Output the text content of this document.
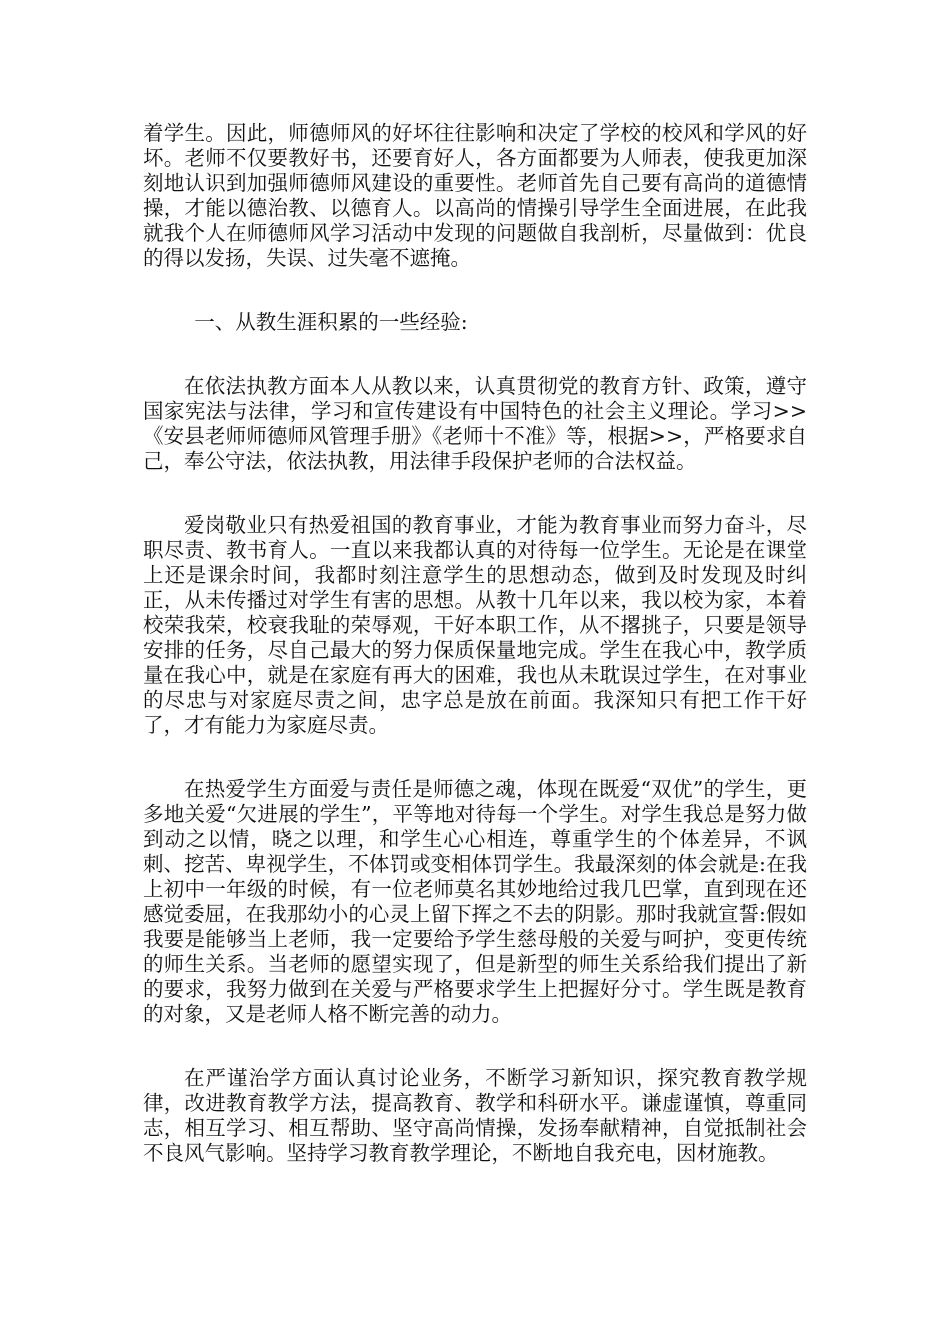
着学生。因此，师德师风的好坏往往影响和决定了学校的校风和学风的好坏。老师不仅要教好书，还要育好人，各方面都要为人师表，使我更加深刻地认识到加强师德师风建设的重要性。老师首先自己要有高尚的道德情操，才能以德治教、以德育人。以高尚的情操引导学生全面进展，在此我就我个人在师德师风学习活动中发现的问题做自我剖析，尽量做到：优良的得以发扬，失误、过失毫不遮掩。

一、从教生涯积累的一些经验:

在依法执教方面本人从教以来，认真贯彻党的教育方针、政策，遵守国家宪法与法律，学习和宣传建设有中国特色的社会主义理论。学习>>《安县老师师德师风管理手册》《老师十不准》等，根据>>，严格要求自己，奉公守法，依法执教，用法律手段保护老师的合法权益。

爱岗敬业只有热爱祖国的教育事业，才能为教育事业而努力奋斗，尽职尽责、教书育人。一直以来我都认真的对待每一位学生。无论是在课堂上还是课余时间，我都时刻注意学生的思想动态，做到及时发现及时纠正，从未传播过对学生有害的思想。从教十几年以来，我以校为家，本着校荣我荣，校衰我耻的荣辱观，干好本职工作，从不撂挑子，只要是领导安排的任务，尽自己最大的努力保质保量地完成。学生在我心中，教学质量在我心中，就是在家庭有再大的困难，我也从未耽误过学生，在对事业的尽忠与对家庭尽责之间，忠字总是放在前面。我深知只有把工作干好了，才有能力为家庭尽责。

在热爱学生方面爱与责任是师德之魂，体现在既爱“双优”的学生，更多地关爱“欠进展的学生”，平等地对待每一个学生。对学生我总是努力做到动之以情，晓之以理，和学生心心相连，尊重学生的个体差异，不讽刺、挖苦、卑视学生，不体罚或变相体罚学生。我最深刻的体会就是:在我上初中一年级的时候，有一位老师莫名其妙地给过我几巴掌，直到现在还感觉委屈，在我那幼小的心灵上留下挥之不去的阴影。那时我就宣誓:假如我要是能够当上老师，我一定要给予学生慈母般的关爱与呵护，变更传统的师生关系。当老师的愿望实现了，但是新型的师生关系给我们提出了新的要求，我努力做到在关爱与严格要求学生上把握好分寸。学生既是教育的对象，又是老师人格不断完善的动力。

在严谨治学方面认真讨论业务，不断学习新知识，探究教育教学规律，改进教育教学方法，提高教育、教学和科研水平。谦虚谨慎，尊重同志，相互学习、相互帮助、坚守高尚情操，发扬奉献精神，自觉抵制社会不良风气影响。坚持学习教育教学理论，不断地自我充电，因材施教。
